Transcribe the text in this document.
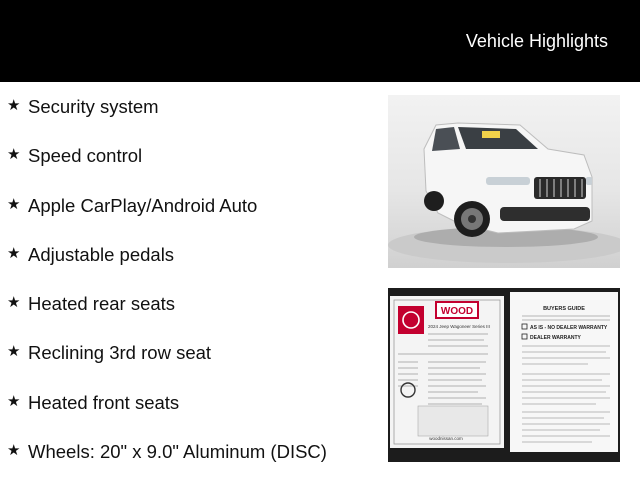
Vehicle Highlights
★ Security system
★ Speed control
★ Apple CarPlay/Android Auto
★ Adjustable pedals
★ Heated rear seats
★ Reclining 3rd row seat
★ Heated front seats
★ Wheels: 20" x 9.0" Aluminum (DISC)
WOOD
2024 Jeep Wagoneer Series III
woodnissan.com
BUYERS GUIDE
AS IS - NO DEALER WARRANTY
DEALER WARRANTY
